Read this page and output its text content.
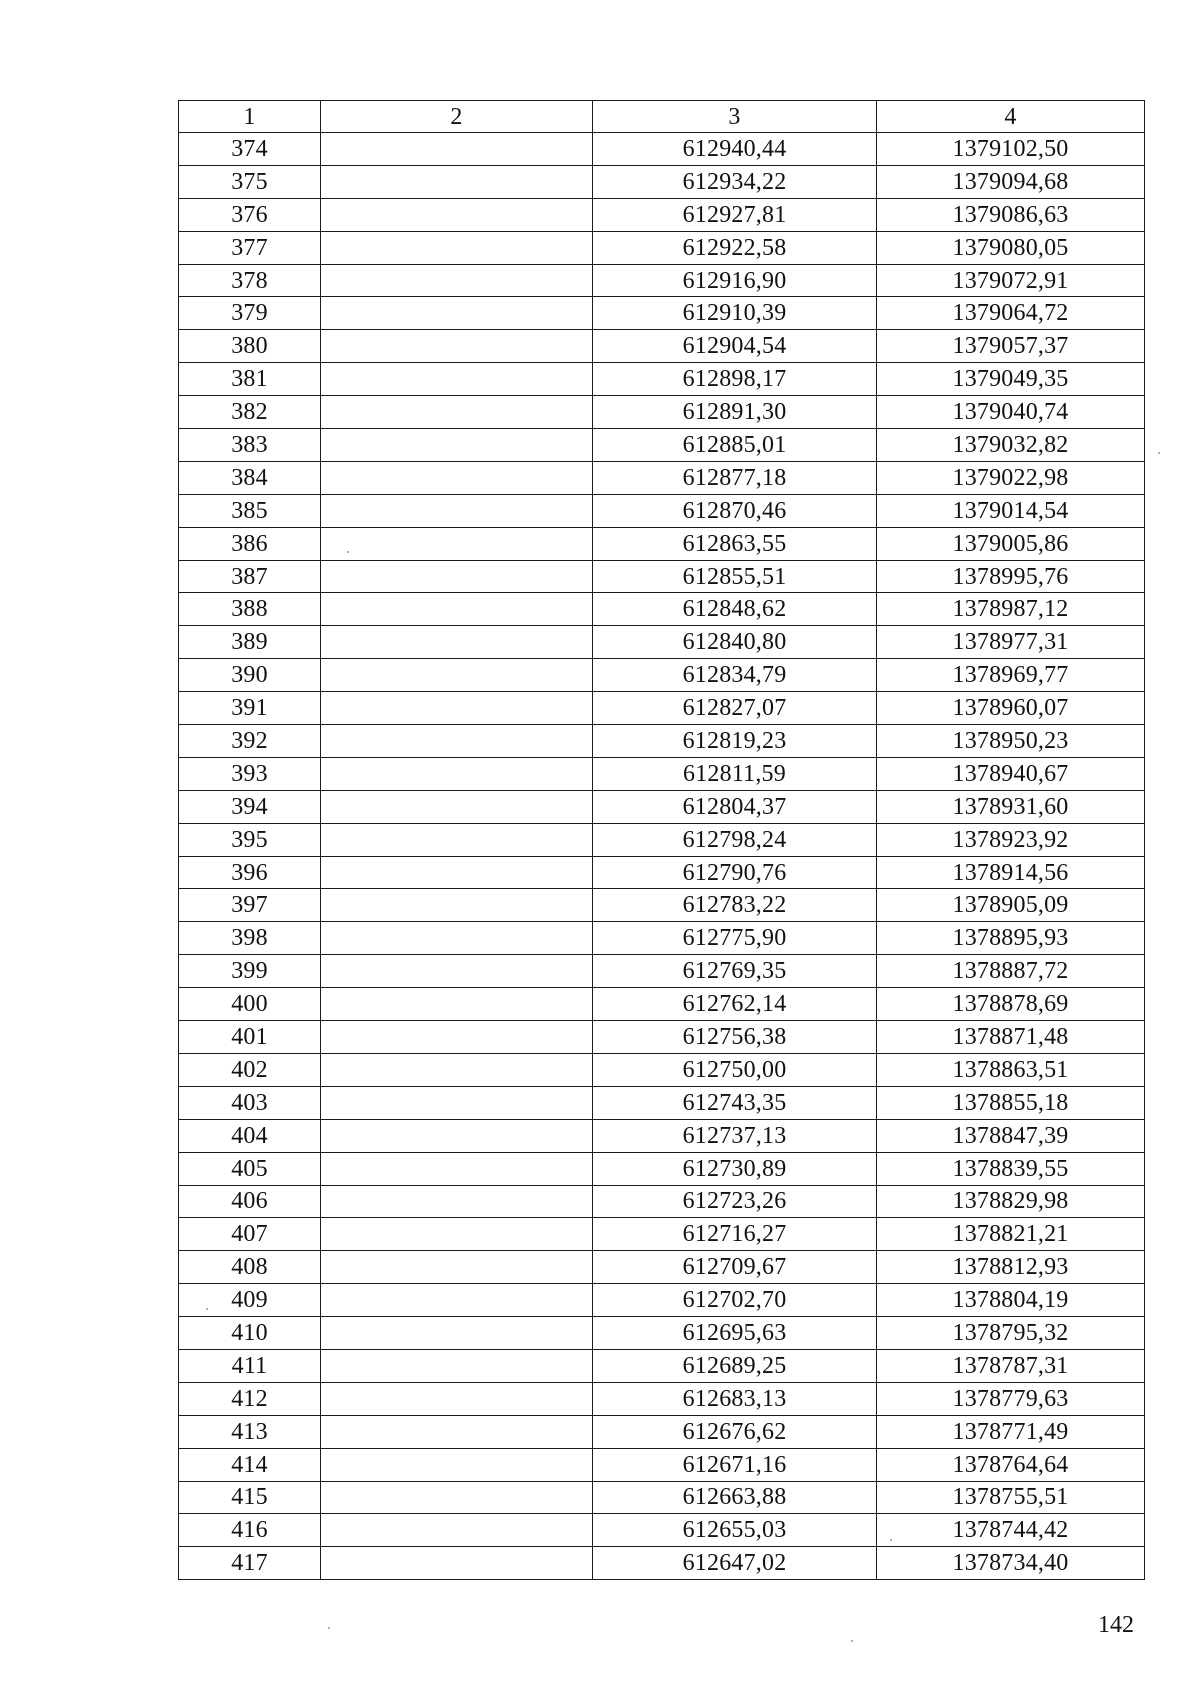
1	2	3	4
374		612940,44	1379102,50
375		612934,22	1379094,68
376		612927,81	1379086,63
377		612922,58	1379080,05
378		612916,90	1379072,91
379		612910,39	1379064,72
380		612904,54	1379057,37
381		612898,17	1379049,35
382		612891,30	1379040,74
383		612885,01	1379032,82
384		612877,18	1379022,98
385		612870,46	1379014,54
386		612863,55	1379005,86
387		612855,51	1378995,76
388		612848,62	1378987,12
389		612840,80	1378977,31
390		612834,79	1378969,77
391		612827,07	1378960,07
392		612819,23	1378950,23
393		612811,59	1378940,67
394		612804,37	1378931,60
395		612798,24	1378923,92
396		612790,76	1378914,56
397		612783,22	1378905,09
398		612775,90	1378895,93
399		612769,35	1378887,72
400		612762,14	1378878,69
401		612756,38	1378871,48
402		612750,00	1378863,51
403		612743,35	1378855,18
404		612737,13	1378847,39
405		612730,89	1378839,55
406		612723,26	1378829,98
407		612716,27	1378821,21
408		612709,67	1378812,93
409		612702,70	1378804,19
410		612695,63	1378795,32
411		612689,25	1378787,31
412		612683,13	1378779,63
413		612676,62	1378771,49
414		612671,16	1378764,64
415		612663,88	1378755,51
416		612655,03	1378744,42
417		612647,02	1378734,40
142
